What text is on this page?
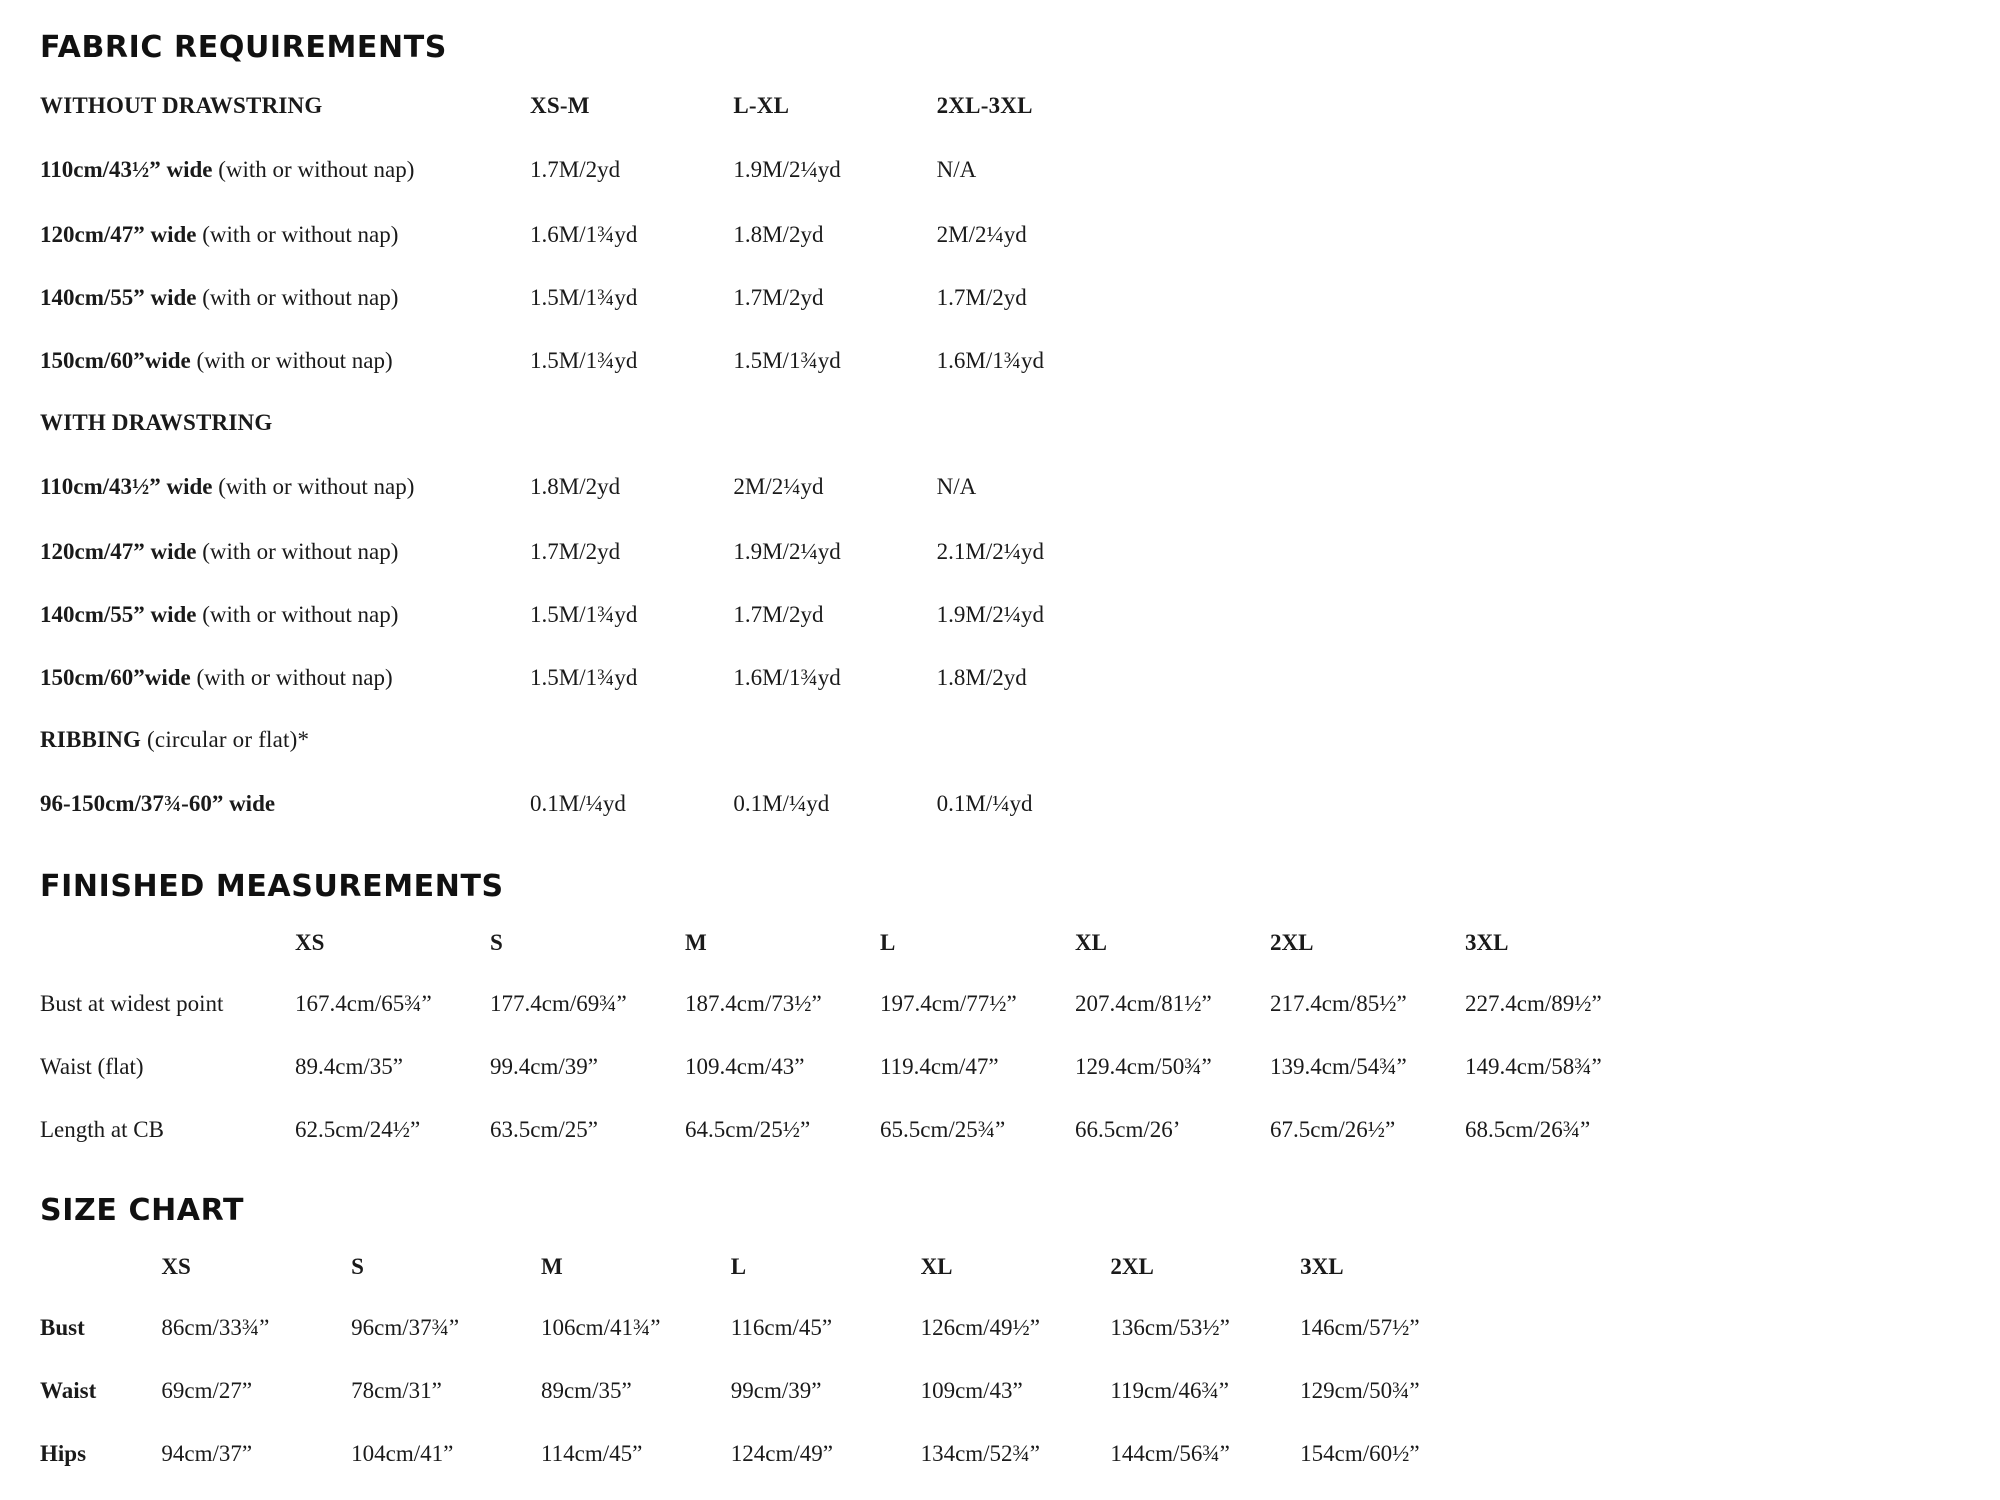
FABRIC REQUIREMENTS
WITHOUT DRAWSTRING	XS-M	L-XL	2XL-3XL
110cm/43½” wide (with or without nap)	1.7M/2yd	1.9M/2¼yd	N/A
120cm/47” wide (with or without nap)	1.6M/1¾yd	1.8M/2yd	2M/2¼yd
140cm/55” wide (with or without nap)	1.5M/1¾yd	1.7M/2yd	1.7M/2yd
150cm/60”wide (with or without nap)	1.5M/1¾yd	1.5M/1¾yd	1.6M/1¾yd
WITH DRAWSTRING			
110cm/43½” wide (with or without nap)	1.8M/2yd	2M/2¼yd	N/A
120cm/47” wide (with or without nap)	1.7M/2yd	1.9M/2¼yd	2.1M/2¼yd
140cm/55” wide (with or without nap)	1.5M/1¾yd	1.7M/2yd	1.9M/2¼yd
150cm/60”wide (with or without nap)	1.5M/1¾yd	1.6M/1¾yd	1.8M/2yd
RIBBING (circular or flat)*			
96-150cm/37¾-60” wide	0.1M/¼yd	0.1M/¼yd	0.1M/¼yd
FINISHED MEASUREMENTS
	XS	S	M	L	XL	2XL	3XL
Bust at widest point	167.4cm/65¾”	177.4cm/69¾”	187.4cm/73½”	197.4cm/77½”	207.4cm/81½”	217.4cm/85½”	227.4cm/89½”
Waist (flat)	89.4cm/35”	99.4cm/39”	109.4cm/43”	119.4cm/47”	129.4cm/50¾”	139.4cm/54¾”	149.4cm/58¾”
Length at CB	62.5cm/24½”	63.5cm/25”	64.5cm/25½”	65.5cm/25¾”	66.5cm/26’	67.5cm/26½”	68.5cm/26¾”
SIZE CHART
	XS	S	M	L	XL	2XL	3XL
Bust	86cm/33¾”	96cm/37¾”	106cm/41¾”	116cm/45”	126cm/49½”	136cm/53½”	146cm/57½”
Waist	69cm/27”	78cm/31”	89cm/35”	99cm/39”	109cm/43”	119cm/46¾”	129cm/50¾”
Hips	94cm/37”	104cm/41”	114cm/45”	124cm/49”	134cm/52¾”	144cm/56¾”	154cm/60½”
